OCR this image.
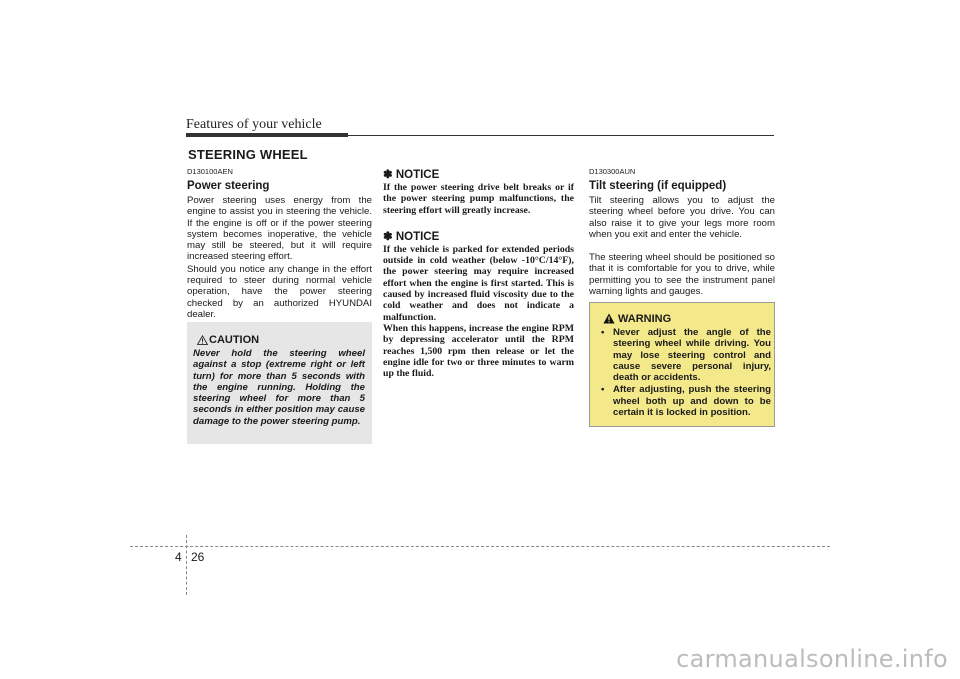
Features of your vehicle
STEERING WHEEL

D130100AEN

Power steering

Power steering uses energy from the engine to assist you in steering the vehicle. If the engine is off or if the power steering system becomes inoperative, the vehicle may still be steered, but it will require increased steering effort.

Should you notice any change in the effort required to steer during normal vehicle operation, have the power steering checked by an authorized HYUNDAI dealer.

CAUTION
Never hold the steering wheel against a stop (extreme right or left turn) for more than 5 seconds with the engine running. Holding the steering wheel for more than 5 seconds in either position may cause damage to the power steering pump.

✽ NOTICE

If the power steering drive belt breaks or if the power steering pump malfunctions, the steering effort will greatly increase.

✽ NOTICE

If the vehicle is parked for extended periods outside in cold weather (below -10°C/14°F), the power steering may require increased effort when the engine is first started. This is caused by increased fluid viscosity due to the cold weather and does not indicate a malfunction.

When this happens, increase the engine RPM by depressing accelerator until the RPM reaches 1,500 rpm then release or let the engine idle for two or three minutes to warm up the fluid.

D130300AUN

Tilt steering (if equipped)

Tilt steering allows you to adjust the steering wheel before you drive. You can also raise it to give your legs more room when you exit and enter the vehicle.

The steering wheel should be positioned so that it is comfortable for you to drive, while permitting you to see the instrument panel warning lights and gauges.

WARNING
• Never adjust the angle of the steering wheel while driving. You may lose steering control and cause severe personal injury, death or accidents.
• After adjusting, push the steering wheel both up and down to be certain it is locked in position.
4 26
carmanualsonline.info
